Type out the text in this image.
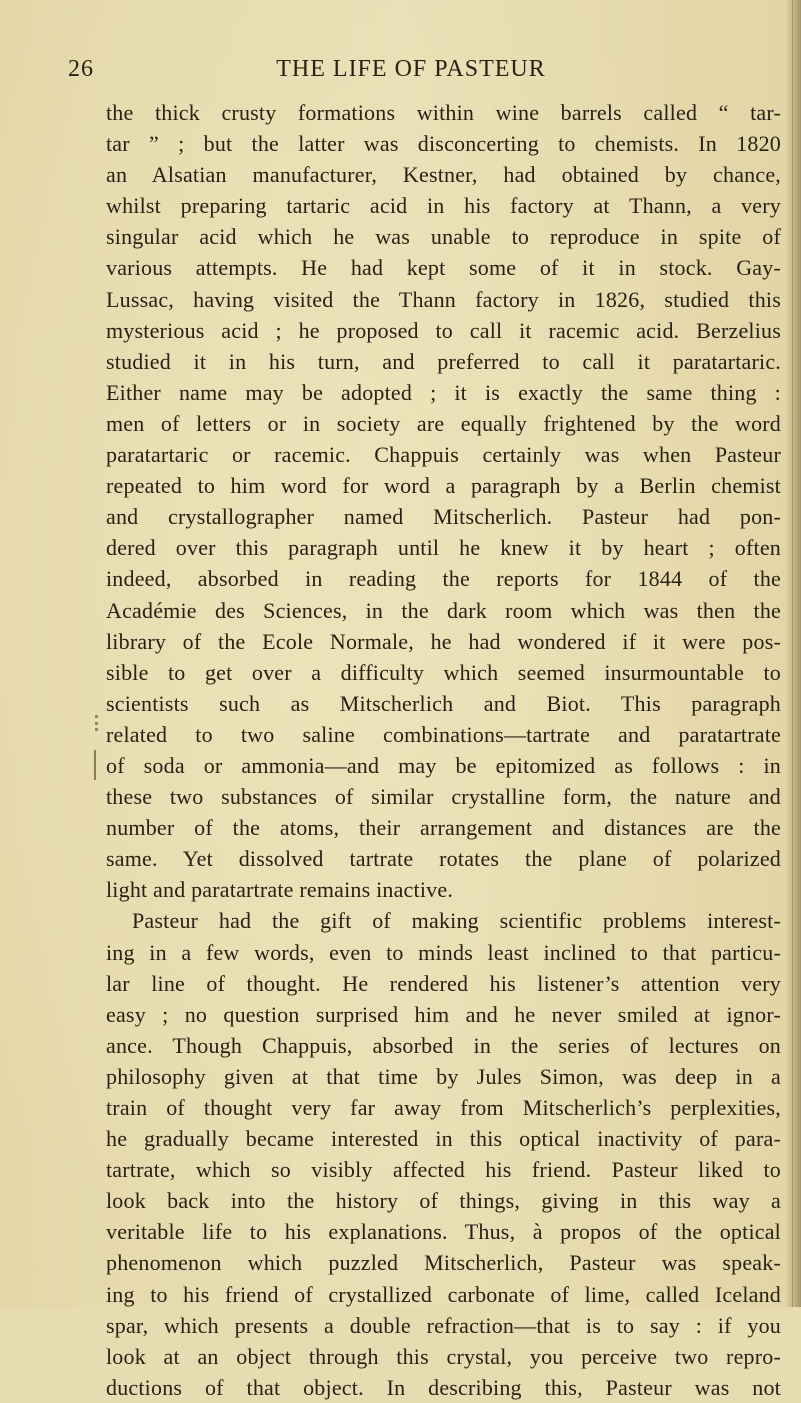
26	THE LIFE OF PASTEUR
the thick crusty formations within wine barrels called “ tar-
tar ” ; but the latter was disconcerting to chemists. In 1820
an Alsatian manufacturer, Kestner, had obtained by chance,
whilst preparing tartaric acid in his factory at Thann, a very
singular acid which he was unable to reproduce in spite of
various attempts. He had kept some of it in stock. Gay-
Lussac, having visited the Thann factory in 1826, studied this
mysterious acid ; he proposed to call it racemic acid. Berzelius
studied it in his turn, and preferred to call it paratartaric.
Either name may be adopted ; it is exactly the same thing :
men of letters or in society are equally frightened by the word
paratartaric or racemic. Chappuis certainly was when Pasteur
repeated to him word for word a paragraph by a Berlin chemist
and crystallographer named Mitscherlich. Pasteur had pon-
dered over this paragraph until he knew it by heart ; often
indeed, absorbed in reading the reports for 1844 of the
Académie des Sciences, in the dark room which was then the
library of the Ecole Normale, he had wondered if it were pos-
sible to get over a difficulty which seemed insurmountable to
scientists such as Mitscherlich and Biot. This paragraph
related to two saline combinations—tartrate and paratartrate
of soda or ammonia—and may be epitomized as follows : in
these two substances of similar crystalline form, the nature and
number of the atoms, their arrangement and distances are the
same. Yet dissolved tartrate rotates the plane of polarized
light and paratartrate remains inactive.
Pasteur had the gift of making scientific problems interest-
ing in a few words, even to minds least inclined to that particu-
lar line of thought. He rendered his listener’s attention very
easy ; no question surprised him and he never smiled at ignor-
ance. Though Chappuis, absorbed in the series of lectures on
philosophy given at that time by Jules Simon, was deep in a
train of thought very far away from Mitscherlich’s perplexities,
he gradually became interested in this optical inactivity of para-
tartrate, which so visibly affected his friend. Pasteur liked to
look back into the history of things, giving in this way a
veritable life to his explanations. Thus, à propos of the optical
phenomenon which puzzled Mitscherlich, Pasteur was speak-
ing to his friend of crystallized carbonate of lime, called Iceland
spar, which presents a double refraction—that is to say : if you
look at an object through this crystal, you perceive two repro-
ductions of that object. In describing this, Pasteur was not
